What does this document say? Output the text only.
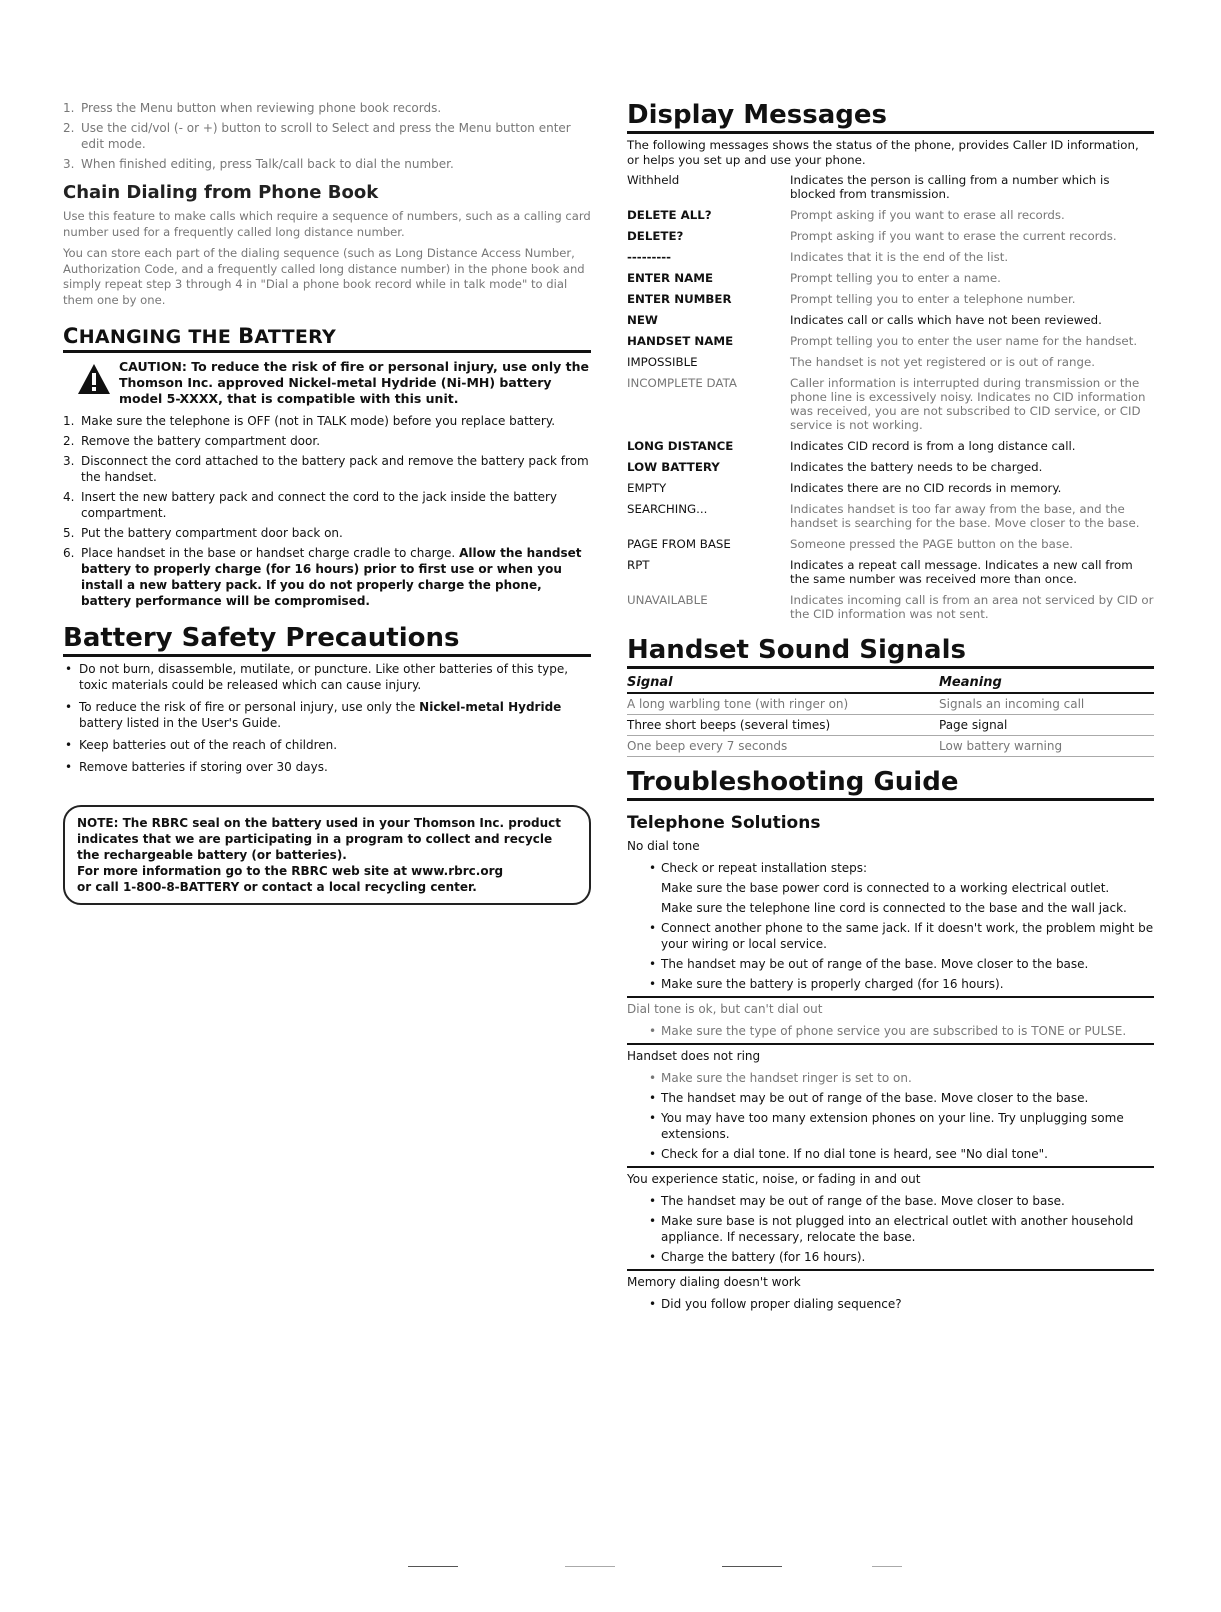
1. Press the Menu button when reviewing phone book records.
2. Use the cid/vol (- or +) button to scroll to Select and press the Menu button enter edit mode.
3. When finished editing, press Talk/call back to dial the number.
Chain Dialing from Phone Book

Use this feature to make calls which require a sequence of numbers, such as a calling card number used for a frequently called long distance number.

You can store each part of the dialing sequence (such as Long Distance Access Number, Authorization Code, and a frequently called long distance number) in the phone book and simply repeat step 3 through 4 in "Dial a phone book record while in talk mode" to dial them one by one.

CHANGING THE BATTERY
CAUTION: To reduce the risk of fire or personal injury, use only the Thomson Inc. approved Nickel-metal Hydride (Ni-MH) battery model 5-XXXX, that is compatible with this unit.
1. Make sure the telephone is OFF (not in TALK mode) before you replace battery.
2. Remove the battery compartment door.
3. Disconnect the cord attached to the battery pack and remove the battery pack from the handset.
4. Insert the new battery pack and connect the cord to the jack inside the battery compartment.
5. Put the battery compartment door back on.
6. Place handset in the base or handset charge cradle to charge. Allow the handset battery to properly charge (for 16 hours) prior to first use or when you install a new battery pack. If you do not properly charge the phone, battery performance will be compromised.
Battery Safety Precautions
• Do not burn, disassemble, mutilate, or puncture. Like other batteries of this type, toxic materials could be released which can cause injury.
• To reduce the risk of fire or personal injury, use only the Nickel-metal Hydride battery listed in the User's Guide.
• Keep batteries out of the reach of children.
• Remove batteries if storing over 30 days.
NOTE: The RBRC seal on the battery used in your Thomson Inc. product indicates that we are participating in a program to collect and recycle the rechargeable battery (or batteries).
For more information go to the RBRC web site at www.rbrc.org
or call 1-800-8-BATTERY or contact a local recycling center.
Display Messages
The following messages shows the status of the phone, provides Caller ID information, or helps you set up and use your phone.
Withheld	Indicates the person is calling from a number which is blocked from transmission.
DELETE ALL?	Prompt asking if you want to erase all records.
DELETE?	Prompt asking if you want to erase the current records.
---------	Indicates that it is the end of the list.
ENTER NAME	Prompt telling you to enter a name.
ENTER NUMBER	Prompt telling you to enter a telephone number.
NEW	Indicates call or calls which have not been reviewed.
HANDSET NAME	Prompt telling you to enter the user name for the handset.
IMPOSSIBLE	The handset is not yet registered or is out of range.
INCOMPLETE DATA	Caller information is interrupted during transmission or the phone line is excessively noisy. Indicates no CID information was received, you are not subscribed to CID service, or CID service is not working.
LONG DISTANCE	Indicates CID record is from a long distance call.
LOW BATTERY	Indicates the battery needs to be charged.
EMPTY	Indicates there are no CID records in memory.
SEARCHING...	Indicates handset is too far away from the base, and the handset is searching for the base. Move closer to the base.
PAGE FROM BASE	Someone pressed the PAGE button on the base.
RPT	Indicates a repeat call message. Indicates a new call from the same number was received more than once.
UNAVAILABLE	Indicates incoming call is from an area not serviced by CID or the CID information was not sent.
Handset Sound Signals
Signal	Meaning
A long warbling tone (with ringer on)	Signals an incoming call
Three short beeps (several times)	Page signal
One beep every 7 seconds	Low battery warning
Troubleshooting Guide
Telephone Solutions
No dial tone
• Check or repeat installation steps:
Make sure the base power cord is connected to a working electrical outlet.
Make sure the telephone line cord is connected to the base and the wall jack.
• Connect another phone to the same jack. If it doesn't work, the problem might be your wiring or local service.
• The handset may be out of range of the base. Move closer to the base.
• Make sure the battery is properly charged (for 16 hours).
Dial tone is ok, but can't dial out
• Make sure the type of phone service you are subscribed to is TONE or PULSE.
Handset does not ring
• Make sure the handset ringer is set to on.
• The handset may be out of range of the base. Move closer to the base.
• You may have too many extension phones on your line. Try unplugging some extensions.
• Check for a dial tone. If no dial tone is heard, see "No dial tone".
You experience static, noise, or fading in and out
• The handset may be out of range of the base. Move closer to base.
• Make sure base is not plugged into an electrical outlet with another household appliance. If necessary, relocate the base.
• Charge the battery (for 16 hours).
Memory dialing doesn't work
• Did you follow proper dialing sequence?
